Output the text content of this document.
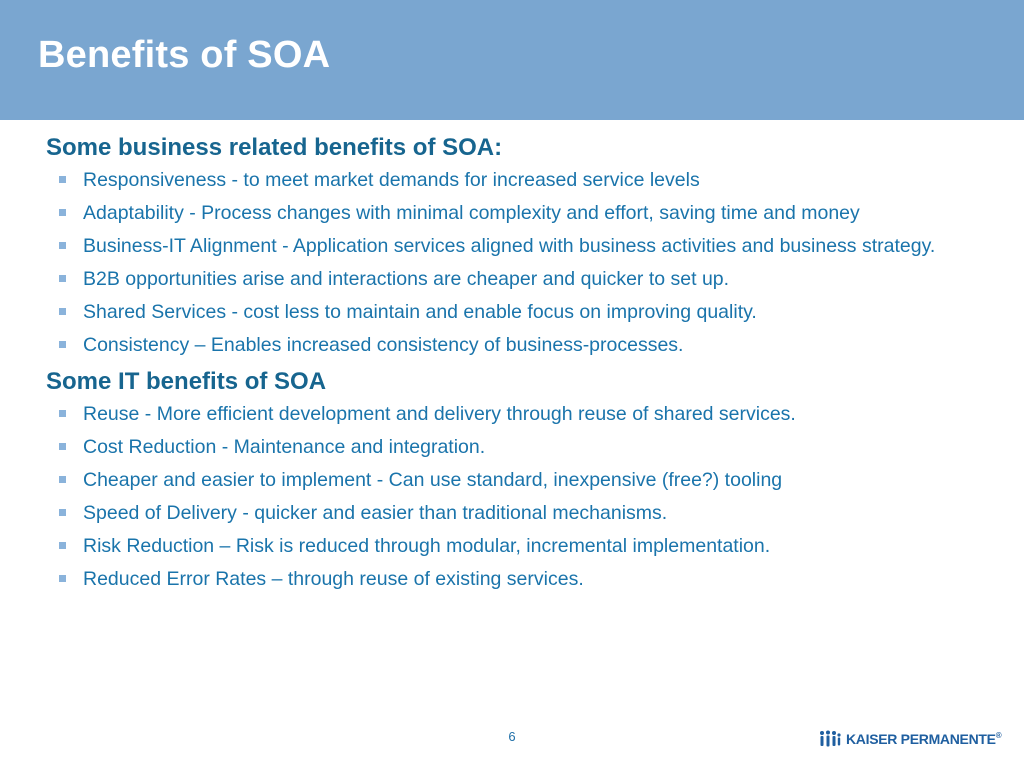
Benefits of SOA
Some business related benefits of SOA:
Responsiveness - to meet market demands for increased service levels
Adaptability - Process changes with minimal complexity and effort, saving time and money
Business-IT Alignment - Application services aligned with business activities and business strategy.
B2B opportunities arise and interactions are cheaper and quicker to set up.
Shared Services - cost less to maintain and enable focus on improving quality.
Consistency – Enables increased consistency of business-processes.
Some IT benefits of SOA
Reuse - More efficient development and delivery through reuse of shared services.
Cost Reduction - Maintenance and integration.
Cheaper and easier to implement - Can use standard, inexpensive (free?) tooling
Speed of Delivery - quicker and easier than traditional mechanisms.
Risk Reduction – Risk is reduced through modular, incremental implementation.
Reduced Error Rates – through reuse of existing services.
6	KAISER PERMANENTE®
